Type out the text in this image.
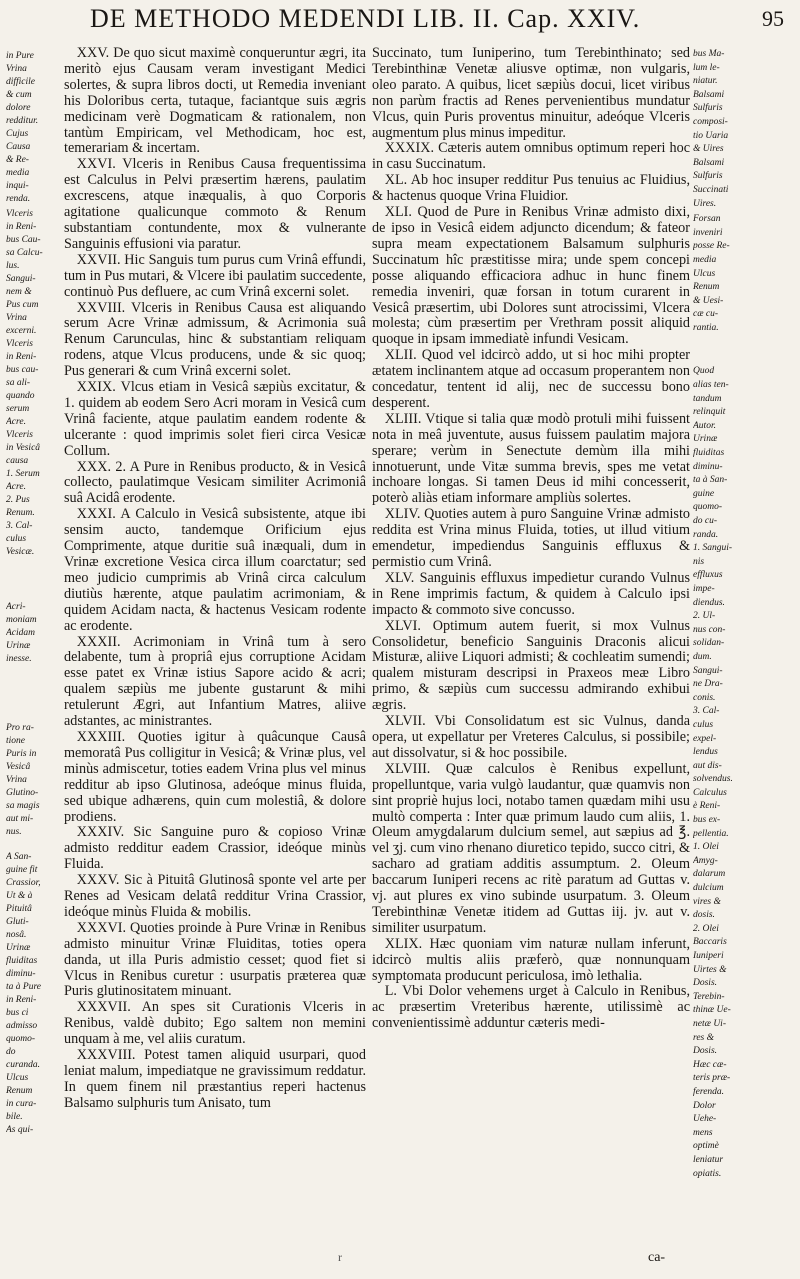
DE METHODO MEDENDI LIB. II. Cap. XXIV.	95
in Pure
Vrina
difficile
& cum
dolore
redditur.
Cujus
Causa
& Re-
media
inqui-
renda.
Vlceris
in Reni-
bus Cau-
sa Calcu-
lus.
Sangui-
nem &
Pus cum
Vrina
excerni.
Vlceris
in Reni-
bus cau-
sa ali-
quando
serum
Acre.
Vlceris
in Vesicâ
causa
1. Serum
Acre.
2. Pus
Renum.
3. Cal-
culus
Vesicæ.
Acri-
moniam
Acidam
Urinæ
inesse.
Pro ra-
tione
Puris in
Vesicâ
Vrina
Glutino-
sa magis
aut mi-
nus.
A San-
guine fit
Crassior,
Ut & à
Pituitâ
Gluti-
nosâ.
Urinæ
fluiditas
diminu-
ta à Pure
in Reni-
bus ci
admisso
quomo-
do
curanda.
Ulcus
Renum
in cura-
bile.
As qui-

XXV. De quo sicut maximè conqueruntur ægri, ita meritò ejus Causam veram investigant Medici solertes, & supra libros docti, ut Remedia inveniant his Doloribus certa, tutaque, faciantque suis ægris medicinam verè Dogmaticam & rationalem, non tantùm Empiricam, vel Methodicam, hoc est, temerariam & incertam.

XXVI. Vlceris in Renibus Causa frequentissima est Calculus in Pelvi præsertim hærens, paulatim excrescens, atque inæqualis, à quo Corporis agitatione qualicunque commoto & Renum substantiam contundente, mox & vulnerante Sanguinis effusioni via paratur.

XXVII. Hic Sanguis tum purus cum Vrinâ effundi, tum in Pus mutari, & Vlcere ibi paulatim succedente, continuò Pus defluere, ac cum Vrinâ excerni solet.

XXVIII. Vlceris in Renibus Causa est aliquando serum Acre Vrinæ admissum, & Acrimonia suâ Renum Carunculas, hinc & substantiam reliquam rodens, atque Vlcus producens, unde & sic quoq; Pus generari & cum Vrinâ excerni solet.

XXIX. Vlcus etiam in Vesicâ sæpiùs excitatur, & 1. quidem ab eodem Sero Acri moram in Vesicâ cum Vrinâ faciente, atque paulatim eandem rodente & ulcerante : quod imprimis solet fieri circa Vesicæ Collum.

XXX. 2. A Pure in Renibus producto, & in Vesicâ collecto, paulatimque Vesicam similiter Acrimoniâ suâ Acidâ erodente.

XXXI. A Calculo in Vesicâ subsistente, atque ibi sensim aucto, tandemque Orificium ejus Comprimente, atque duritie suâ inæquali, dum in Vrinæ excretione Vesica circa illum coarctatur; sed meo judicio cumprimis ab Vrinâ circa calculum diutiùs hærente, atque paulatim acrimoniam, & quidem Acidam nacta, & hactenus Vesicam rodente ac erodente.

XXXII. Acrimoniam in Vrinâ tum à sero delabente, tum à propriâ ejus corruptione Acidam esse patet ex Vrinæ istius Sapore acido & acri; qualem sæpiùs me jubente gustarunt & mihi retulerunt Ægri, aut Infantium Matres, aliive adstantes, ac ministrantes.

XXXIII. Quoties igitur à quâcunque Causâ memoratâ Pus colligitur in Vesicâ; & Vrinæ plus, vel minùs admiscetur, toties eadem Vrina plus vel minus redditur ab ipso Glutinosa, adeóque minus fluida, sed ubique adhærens, quin cum molestiâ, & dolore prodiens.

XXXIV. Sic Sanguine puro & copioso Vrinæ admisto redditur eadem Crassior, ideóque minùs Fluida.

XXXV. Sic à Pituitâ Glutinosâ sponte vel arte per Renes ad Vesicam delatâ redditur Vrina Crassior, ideóque minùs Fluida & mobilis.

XXXVI. Quoties proinde à Pure Vrinæ in Renibus admisto minuitur Vrinæ Fluiditas, toties opera danda, ut illa Puris admistio cesset; quod fiet si Vlcus in Renibus curetur : usurpatis præterea quæ Puris glutinositatem minuant.

XXXVII. An spes sit Curationis Vlceris in Renibus, valdè dubito; Ego saltem non memini unquam à me, vel aliis curatum.

XXXVIII. Potest tamen aliquid usurpari, quod leniat malum, impediatque ne gravissimum reddatur. In quem finem nil præstantius reperi hactenus Balsamo sulphuris tum Anisato, tum

Succinato, tum Iuniperino, tum Terebinthinato; sed Terebinthinæ Venetæ aliusve optimæ, non vulgaris, oleo parato. A quibus, licet sæpiùs docui, licet viribus non parùm fractis ad Renes pervenientibus mundatur Vlcus, quin Puris proventus minuitur, adeóque Vlceris augmentum plus minus impeditur.

XXXIX. Cæteris autem omnibus optimum reperi hoc in casu Succinatum.

XL. Ab hoc insuper redditur Pus tenuius ac Fluidius, & hactenus quoque Vrina Fluidior.

XLI. Quod de Pure in Renibus Vrinæ admisto dixi, de ipso in Vesicâ eidem adjuncto dicendum; & fateor supra meam expectationem Balsamum sulphuris Succinatum hîc præstitisse mira; unde spem concepi posse aliquando efficaciora adhuc in hunc finem remedia inveniri, quæ forsan in totum curarent in Vesicâ præsertim, ubi Dolores sunt atrocissimi, Vlcera molesta; cùm præsertim per Vrethram possit aliquid quoque in ipsam immediatè infundi Vesicam.

XLII. Quod vel idcircò addo, ut si hoc mihi propter ætatem inclinantem atque ad occasum properantem non concedatur, tentent id alij, nec de successu bono desperent.

XLIII. Vtique si talia quæ modò protuli mihi fuissent nota in meâ juventute, ausus fuissem paulatim majora sperare; verùm in Senectute demùm illa mihi innotuerunt, unde Vitæ summa brevis, spes me vetat inchoare longas. Si tamen Deus id mihi concesserit, poterò aliàs etiam informare ampliùs solertes.

XLIV. Quoties autem à puro Sanguine Vrinæ admisto reddita est Vrina minus Fluida, toties, ut illud vitium emendetur, impediendus Sanguinis effluxus & permistio cum Vrinâ.

XLV. Sanguinis effluxus impedietur curando Vulnus in Rene imprimis factum, & quidem à Calculo ipsi impacto & commoto sive concusso.

XLVI. Optimum autem fuerit, si mox Vulnus Consolidetur, beneficio Sanguinis Draconis alicui Misturæ, aliive Liquori admisti; & cochleatim sumendi; qualem misturam descripsi in Praxeos meæ Libro primo, & sæpiùs cum successu admirando exhibui ægris.

XLVII. Vbi Consolidatum est sic Vulnus, danda opera, ut expellatur per Vreteres Calculus, si possibile; aut dissolvatur, si & hoc possibile.

XLVIII. Quæ calculos è Renibus expellunt, propelluntque, varia vulgò laudantur, quæ quamvis non sint propriè hujus loci, notabo tamen quædam mihi usu multò comperta : Inter quæ primum laudo cum aliis, 1. Oleum amygdalarum dulcium semel, aut sæpius ad ℥. vel ʒj. cum vino rhenano diuretico tepido, succo citri, & sacharo ad gratiam additis assumptum. 2. Oleum baccarum Iuniperi recens ac ritè paratum ad Guttas v. vj. aut plures ex vino subinde usurpatum. 3. Oleum Terebinthinæ Venetæ itidem ad Guttas iij. jv. aut v. similiter usurpatum.

XLIX. Hæc quoniam vim naturæ nullam inferunt, idcircò multis aliis præferò, quæ nonnunquam symptomata producunt periculosa, imò lethalia.

L. Vbi Dolor vehemens urget à Calculo in Renibus, ac præsertim Vreteribus hærente, utilissimè ac convenientissimè adduntur cæteris medi-

bus Ma-
lum le-
niatur.
Balsami
Sulfuris
composi-
tio Uaria
& Uires
Balsami
Sulfuris
Succinati
Uires.
Forsan
inveniri
posse Re-
media
Ulcus
Renum
& Uesi-
cæ cu-
rantia.
Quod
alias ten-
tandum
relinquit
Autor.
Urinæ
fluiditas
diminu-
ta à San-
guine
quomo-
do cu-
randa.
1. Sangui-
nis
effluxus
impe-
diendus.
2. Ul-
nus con-
solidan-
dum.
Sangui-
ne Dra-
conis.
3. Cal-
culus
expel-
lendus
aut dis-
solvendus.
Calculus
è Reni-
bus ex-
pellentia.
1. Olei
Amyg-
dalarum
dulcium
vires &
dosis.
2. Olei
Baccaris
Iuniperi
Uirtes &
Dosis.
Terebin-
thinæ Ue-
netæ Ui-
res &
Dosis.
Hæc cæ-
teris præ-
ferenda.
Dolor
Uehe-
mens
optimè
leniatur
opiatis.
r	ca-
